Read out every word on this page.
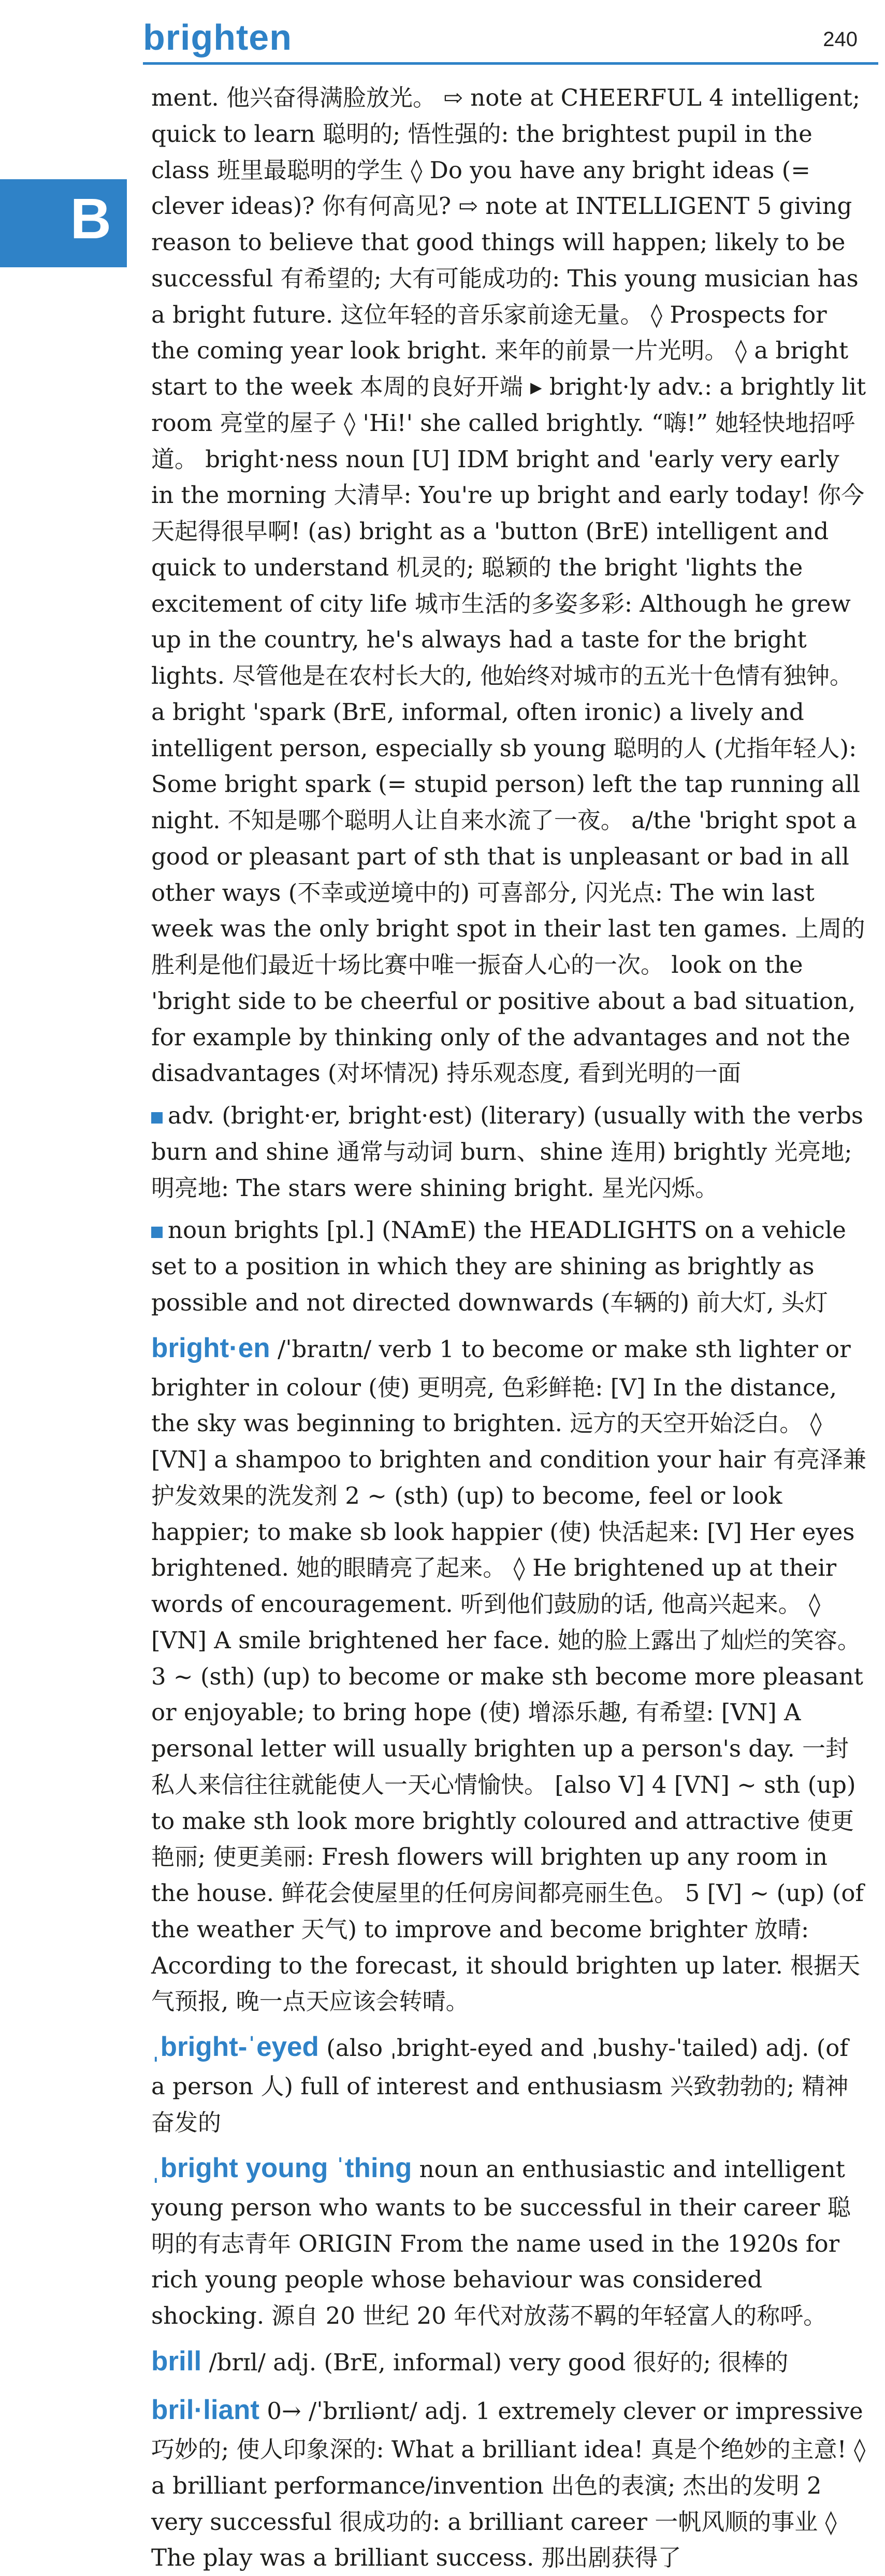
brighten	240
B

ment. 他兴奋得满脸放光。 ⇨ note at CHEERFUL 4 intelligent; quick to learn 聪明的; 悟性强的: the brightest pupil in the class 班里最聪明的学生 ◊ Do you have any bright ideas (= clever ideas)? 你有何高见? ⇨ note at INTELLIGENT 5 giving reason to believe that good things will happen; likely to be successful 有希望的; 大有可能成功的: This young musician has a bright future. 这位年轻的音乐家前途无量。 ◊ Prospects for the coming year look bright. 来年的前景一片光明。 ◊ a bright start to the week 本周的良好开端 ▸ bright·ly adv.: a brightly lit room 亮堂的屋子 ◊ 'Hi!' she called brightly. “嗨!” 她轻快地招呼道。 bright·ness noun [U] IDM bright and 'early very early in the morning 大清早: You're up bright and early today! 你今天起得很早啊! (as) bright as a 'button (BrE) intelligent and quick to understand 机灵的; 聪颖的 the bright 'lights the excitement of city life 城市生活的多姿多彩: Although he grew up in the country, he's always had a taste for the bright lights. 尽管他是在农村长大的, 他始终对城市的五光十色情有独钟。 a bright 'spark (BrE, informal, often ironic) a lively and intelligent person, especially sb young 聪明的人 (尤指年轻人): Some bright spark (= stupid person) left the tap running all night. 不知是哪个聪明人让自来水流了一夜。 a/the 'bright spot a good or pleasant part of sth that is unpleasant or bad in all other ways (不幸或逆境中的) 可喜部分, 闪光点: The win last week was the only bright spot in their last ten games. 上周的胜利是他们最近十场比赛中唯一振奋人心的一次。 look on the 'bright side to be cheerful or positive about a bad situation, for example by thinking only of the advantages and not the disadvantages (对坏情况) 持乐观态度, 看到光明的一面

adv. (bright·er, bright·est) (literary) (usually with the verbs burn and shine 通常与动词 burn、shine 连用) brightly 光亮地; 明亮地: The stars were shining bright. 星光闪烁。

noun brights [pl.] (NAmE) the HEADLIGHTS on a vehicle set to a position in which they are shining as brightly as possible and not directed downwards (车辆的) 前大灯, 头灯

bright·en /ˈbraɪtn/ verb 1 to become or make sth lighter or brighter in colour (使) 更明亮, 色彩鲜艳: [V] In the distance, the sky was beginning to brighten. 远方的天空开始泛白。 ◊ [VN] a shampoo to brighten and condition your hair 有亮泽兼护发效果的洗发剂 2 ~ (sth) (up) to become, feel or look happier; to make sb look happier (使) 快活起来: [V] Her eyes brightened. 她的眼睛亮了起来。 ◊ He brightened up at their words of encouragement. 听到他们鼓励的话, 他高兴起来。 ◊ [VN] A smile brightened her face. 她的脸上露出了灿烂的笑容。 3 ~ (sth) (up) to become or make sth become more pleasant or enjoyable; to bring hope (使) 增添乐趣, 有希望: [VN] A personal letter will usually brighten up a person's day. 一封私人来信往往就能使人一天心情愉快。 [also V] 4 [VN] ~ sth (up) to make sth look more brightly coloured and attractive 使更艳丽; 使更美丽: Fresh flowers will brighten up any room in the house. 鲜花会使屋里的任何房间都亮丽生色。 5 [V] ~ (up) (of the weather 天气) to improve and become brighter 放晴: According to the forecast, it should brighten up later. 根据天气预报, 晚一点天应该会转晴。

ˌbright-ˈeyed (also ˌbright-eyed and ˌbushy-ˈtailed) adj. (of a person 人) full of interest and enthusiasm 兴致勃勃的; 精神奋发的

ˌbright young ˈthing noun an enthusiastic and intelligent young person who wants to be successful in their career 聪明的有志青年 ORIGIN From the name used in the 1920s for rich young people whose behaviour was considered shocking. 源自 20 世纪 20 年代对放荡不羁的年轻富人的称呼。

brill /brɪl/ adj. (BrE, informal) very good 很好的; 很棒的

bril·liant 0→ /ˈbrɪliənt/ adj. 1 extremely clever or impressive 巧妙的; 使人印象深的: What a brilliant idea! 真是个绝妙的主意! ◊ a brilliant performance/invention 出色的表演; 杰出的发明 2 very successful 很成功的: a brilliant career 一帆风顺的事业 ◊ The play was a brilliant success. 那出剧获得了
